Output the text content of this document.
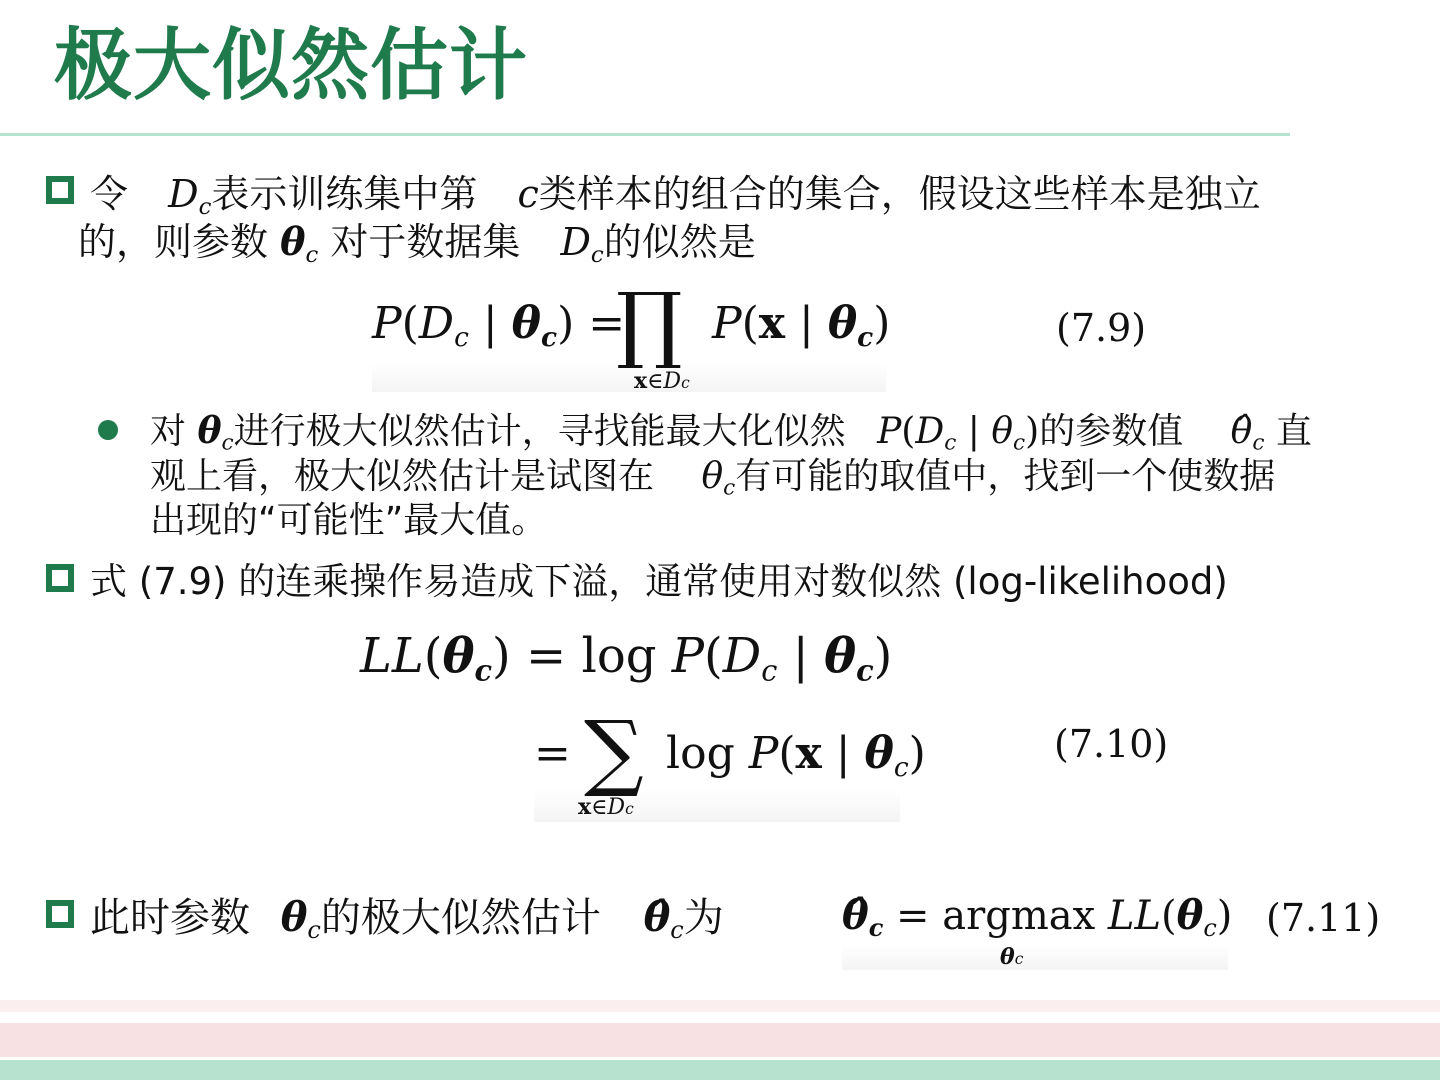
极大似然估计
令 $D_c$表示训练集中第 c类样本的组合的集合，假设这些样本是独立
的，则参数 $\theta_c$ 对于数据集 $D_c$的似然是
$P(D_c$ | $\theta_c$) =
∏ P(x | $\theta_c$)
x∈Dc
(7.9)
对 $\theta_c$进行极大似然估计，寻找能最大化似然 $P(D_c$ | $\theta_c$)的参数值 $\thetâ_c$ 直
观上看，极大似然估计是试图在 $\theta_c$有可能的取值中，找到一个使数据
出现的“可能性”最大值。
式 (7.9) 的连乘操作易造成下溢，通常使用对数似然 (log-likelihood)
$LL(\theta_c) = \log P(D_c$ | $\theta_c$)
= ∑ log P(x | $\theta_c$)
x∈Dc
(7.10)
此时参数 $\theta_c$的极大似然估计 $\thetâ_c$为	$\thetâ_c = argmax$ $LL(\theta_c)$
θc
(7.11)
